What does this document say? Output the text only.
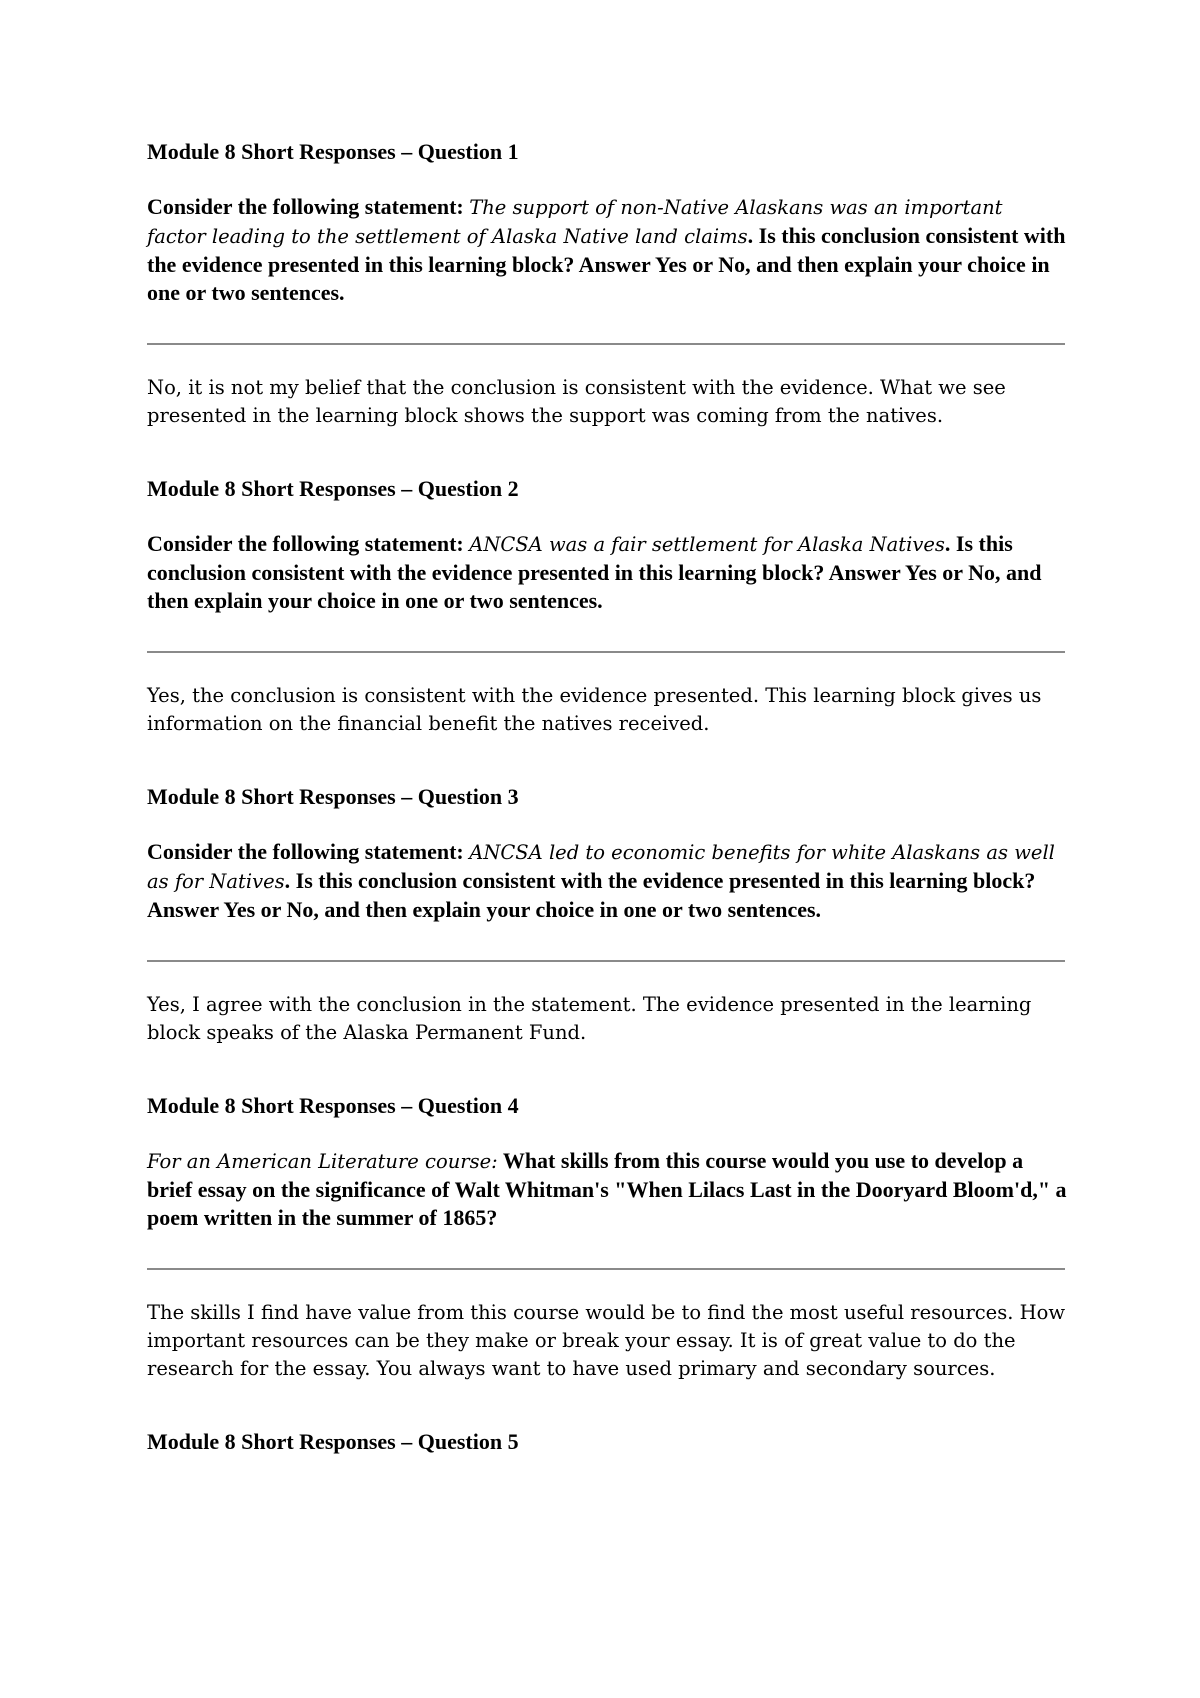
Module 8 Short Responses – Question 1

Consider the following statement: The support of non-Native Alaskans was an important factor leading to the settlement of Alaska Native land claims. Is this conclusion consistent with the evidence presented in this learning block? Answer Yes or No, and then explain your choice in one or two sentences.

No, it is not my belief that the conclusion is consistent with the evidence. What we see presented in the learning block shows the support was coming from the natives.

Module 8 Short Responses – Question 2

Consider the following statement: ANCSA was a fair settlement for Alaska Natives. Is this conclusion consistent with the evidence presented in this learning block? Answer Yes or No, and then explain your choice in one or two sentences.

Yes, the conclusion is consistent with the evidence presented. This learning block gives us information on the financial benefit the natives received.

Module 8 Short Responses – Question 3

Consider the following statement: ANCSA led to economic benefits for white Alaskans as well as for Natives. Is this conclusion consistent with the evidence presented in this learning block? Answer Yes or No, and then explain your choice in one or two sentences.

Yes, I agree with the conclusion in the statement. The evidence presented in the learning block speaks of the Alaska Permanent Fund.

Module 8 Short Responses – Question 4

For an American Literature course: What skills from this course would you use to develop a brief essay on the significance of Walt Whitman's "When Lilacs Last in the Dooryard Bloom'd," a poem written in the summer of 1865?

The skills I find have value from this course would be to find the most useful resources. How important resources can be they make or break your essay. It is of great value to do the research for the essay. You always want to have used primary and secondary sources.

Module 8 Short Responses – Question 5
